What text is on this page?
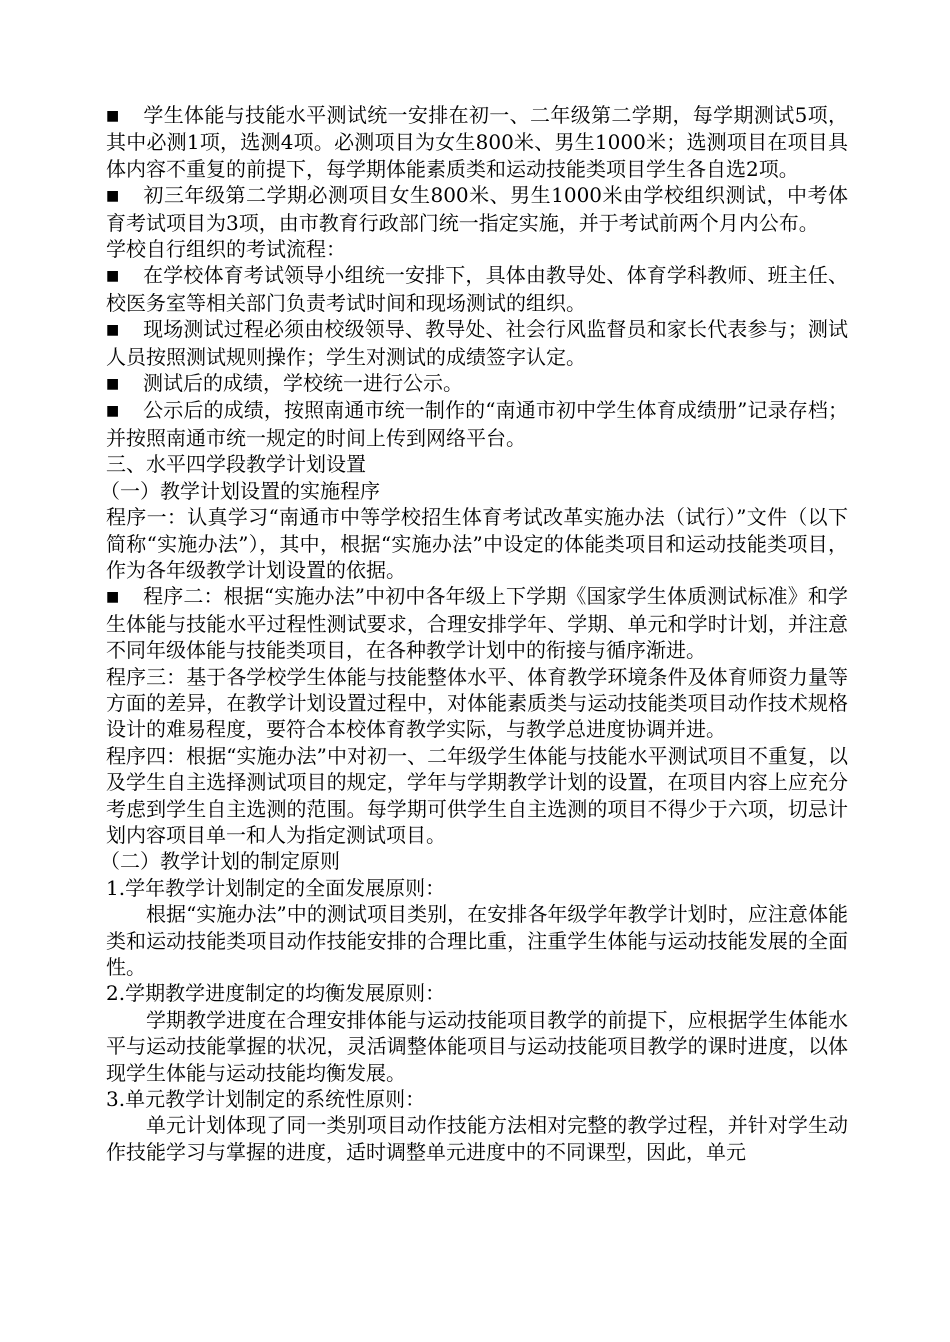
■ 学生体能与技能水平测试统一安排在初一、二年级第二学期，每学期测试5项，其中必测1项，选测4项。必测项目为女生800米、男生1000米；选测项目在项目具体内容不重复的前提下，每学期体能素质类和运动技能类项目学生各自选2项。

■ 初三年级第二学期必测项目女生800米、男生1000米由学校组织测试，中考体育考试项目为3项，由市教育行政部门统一指定实施，并于考试前两个月内公布。

学校自行组织的考试流程：

■ 在学校体育考试领导小组统一安排下，具体由教导处、体育学科教师、班主任、校医务室等相关部门负责考试时间和现场测试的组织。

■ 现场测试过程必须由校级领导、教导处、社会行风监督员和家长代表参与；测试人员按照测试规则操作；学生对测试的成绩签字认定。

■ 测试后的成绩，学校统一进行公示。

■ 公示后的成绩，按照南通市统一制作的“南通市初中学生体育成绩册”记录存档；并按照南通市统一规定的时间上传到网络平台。

三、水平四学段教学计划设置

（一）教学计划设置的实施程序

程序一：认真学习“南通市中等学校招生体育考试改革实施办法（试行）”文件（以下简称“实施办法”），其中，根据“实施办法”中设定的体能类项目和运动技能类项目，作为各年级教学计划设置的依据。

■ 程序二：根据“实施办法”中初中各年级上下学期《国家学生体质测试标准》和学生体能与技能水平过程性测试要求，合理安排学年、学期、单元和学时计划，并注意不同年级体能与技能类项目，在各种教学计划中的衔接与循序渐进。

程序三：基于各学校学生体能与技能整体水平、体育教学环境条件及体育师资力量等方面的差异，在教学计划设置过程中，对体能素质类与运动技能类项目动作技术规格设计的难易程度，要符合本校体育教学实际，与教学总进度协调并进。

程序四：根据“实施办法”中对初一、二年级学生体能与技能水平测试项目不重复，以及学生自主选择测试项目的规定，学年与学期教学计划的设置，在项目内容上应充分考虑到学生自主选测的范围。每学期可供学生自主选测的项目不得少于六项，切忌计划内容项目单一和人为指定测试项目。

（二）教学计划的制定原则

1.学年教学计划制定的全面发展原则：

根据“实施办法”中的测试项目类别，在安排各年级学年教学计划时，应注意体能类和运动技能类项目动作技能安排的合理比重，注重学生体能与运动技能发展的全面性。

2.学期教学进度制定的均衡发展原则：

学期教学进度在合理安排体能与运动技能项目教学的前提下，应根据学生体能水平与运动技能掌握的状况，灵活调整体能项目与运动技能项目教学的课时进度，以体现学生体能与运动技能均衡发展。

3.单元教学计划制定的系统性原则：

单元计划体现了同一类别项目动作技能方法相对完整的教学过程，并针对学生动作技能学习与掌握的进度，适时调整单元进度中的不同课型，因此，单元
